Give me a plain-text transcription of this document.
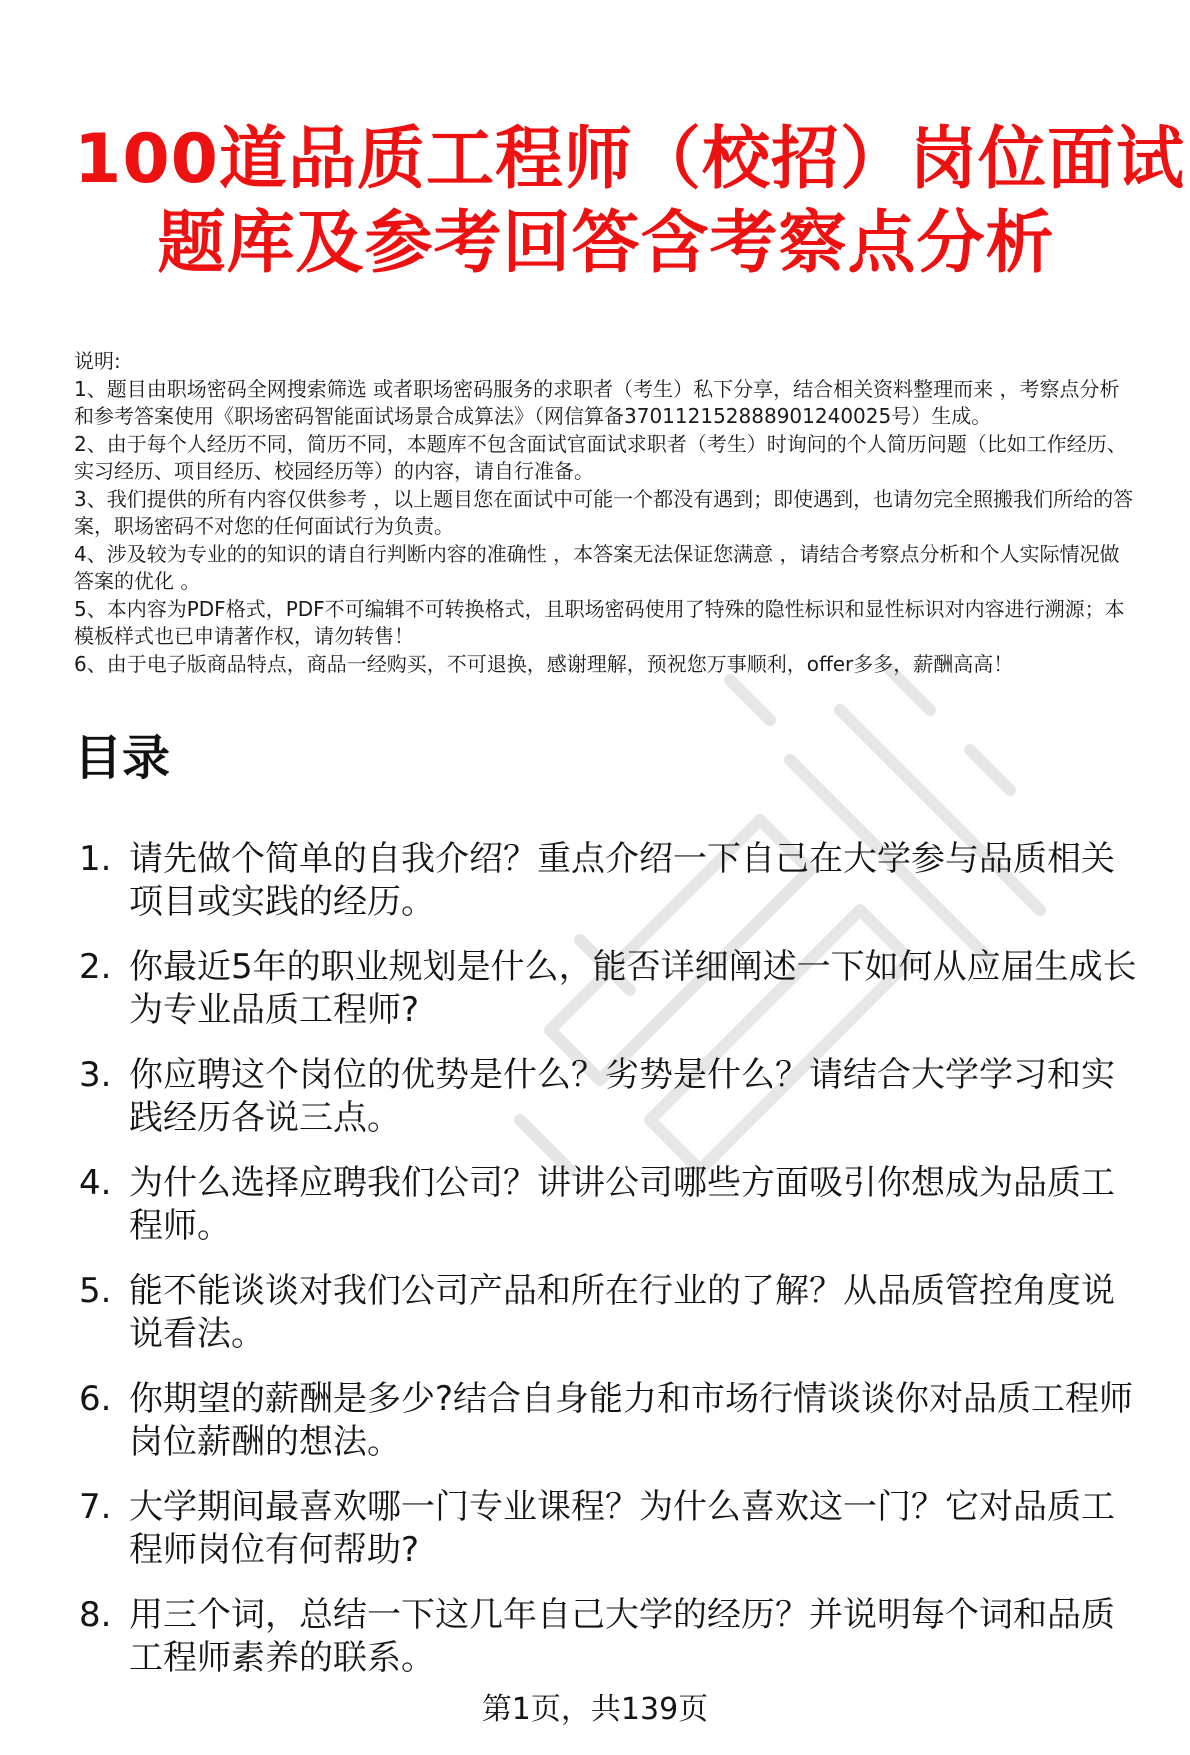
100道品质工程师（校招）岗位面试
题库及参考回答含考察点分析
说明:
1、题目由职场密码全网搜索筛选 或者职场密码服务的求职者（考生）私下分享，结合相关资料整理而来 ，考察点分析和参考答案使用《职场密码智能面试场景合成算法》（网信算备370112152888901240025号）生成。
2、由于每个人经历不同，简历不同，本题库不包含面试官面试求职者（考生）时询问的个人简历问题（比如工作经历、实习经历、项目经历、校园经历等）的内容，请自行准备。
3、我们提供的所有内容仅供参考 ，以上题目您在面试中可能一个都没有遇到；即使遇到，也请勿完全照搬我们所给的答案，职场密码不对您的任何面试行为负责。
4、涉及较为专业的的知识的请自行判断内容的准确性 ，本答案无法保证您满意 ，请结合考察点分析和个人实际情况做答案的优化 。
5、本内容为PDF格式，PDF不可编辑不可转换格式，且职场密码使用了特殊的隐性标识和显性标识对内容进行溯源；本模板样式也已申请著作权，请勿转售！
6、由于电子版商品特点，商品一经购买，不可退换，感谢理解，预祝您万事顺利，offer多多，薪酬高高！
目录
1. 请先做个简单的自我介绍？重点介绍一下自己在大学参与品质相关项目或实践的经历。
2. 你最近5年的职业规划是什么，能否详细阐述一下如何从应届生成长为专业品质工程师?
3. 你应聘这个岗位的优势是什么？劣势是什么？请结合大学学习和实践经历各说三点。
4. 为什么选择应聘我们公司？讲讲公司哪些方面吸引你想成为品质工程师。
5. 能不能谈谈对我们公司产品和所在行业的了解？从品质管控角度说说看法。
6. 你期望的薪酬是多少?结合自身能力和市场行情谈谈你对品质工程师岗位薪酬的想法。
7. 大学期间最喜欢哪一门专业课程？为什么喜欢这一门？它对品质工程师岗位有何帮助?
8. 用三个词，总结一下这几年自己大学的经历？并说明每个词和品质工程师素养的联系。
第1页，共139页
